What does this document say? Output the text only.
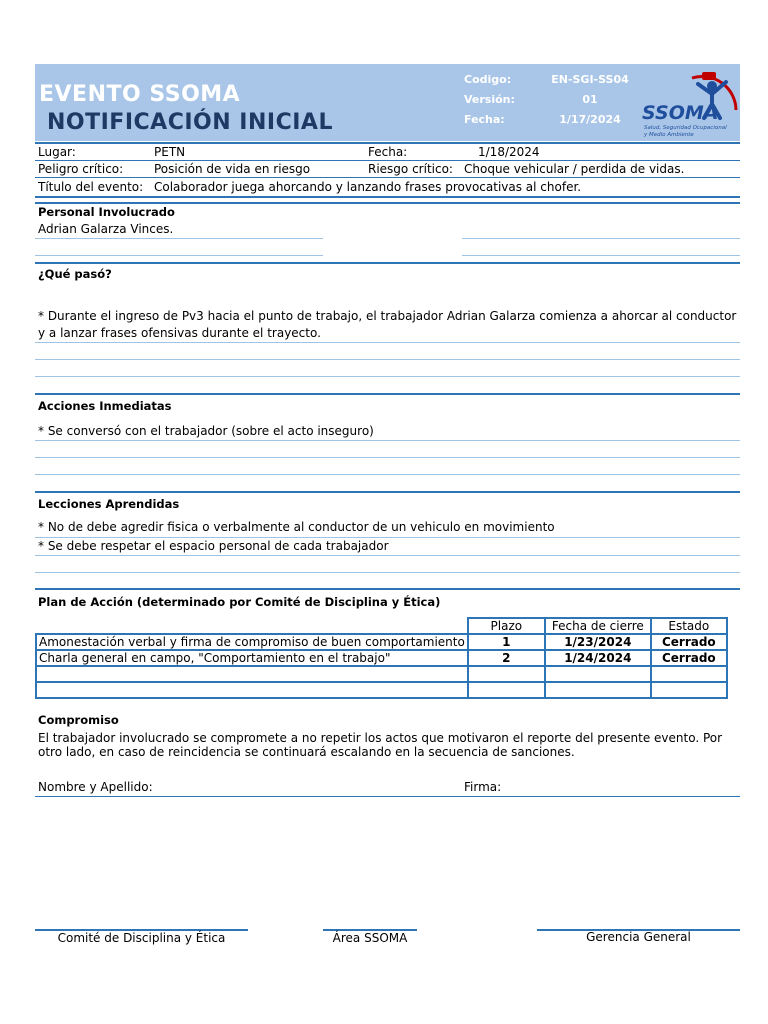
EVENTO SSOMA
NOTIFICACIÓN INICIAL
Codigo:	EN-SGI-SS04
Versión:	01
Fecha:	1/17/2024	SSOMA
Salud, Seguridad Ocupacional
y Medio Ambiente
Lugar:	PETN	Fecha:	1/18/2024
Peligro crítico:	Posición de vida en riesgo	Riesgo crítico: Choque vehicular / perdida de vidas.
Título del evento: Colaborador juega ahorcando y lanzando frases provocativas al chofer.
Personal Involucrado
Adrian Galarza Vinces.
¿Qué pasó?
* Durante el ingreso de Pv3 hacia el punto de trabajo, el trabajador Adrian Galarza comienza a ahorcar al conductor y a lanzar frases ofensivas durante el trayecto.
Acciones Inmediatas
* Se conversó con el trabajador (sobre el acto inseguro)
Lecciones Aprendidas
* No de debe agredir fisica o verbalmente al conductor de un vehiculo en movimiento
* Se debe respetar el espacio personal de cada trabajador
Plan de Acción (determinado por Comité de Disciplina y Ética)
	Plazo	Fecha de cierre	Estado
Amonestación verbal y firma de compromiso de buen comportamiento	1	1/23/2024	Cerrado
Charla general en campo, "Comportamiento en el trabajo"	2	1/24/2024	Cerrado

Compromiso
El trabajador involucrado se compromete a no repetir los actos que motivaron el reporte del presente evento. Por otro lado, en caso de reincidencia se continuará escalando en la secuencia de sanciones.
Nombre y Apellido:	Firma:
Comité de Disciplina y Ética	Área SSOMA	Gerencia General
